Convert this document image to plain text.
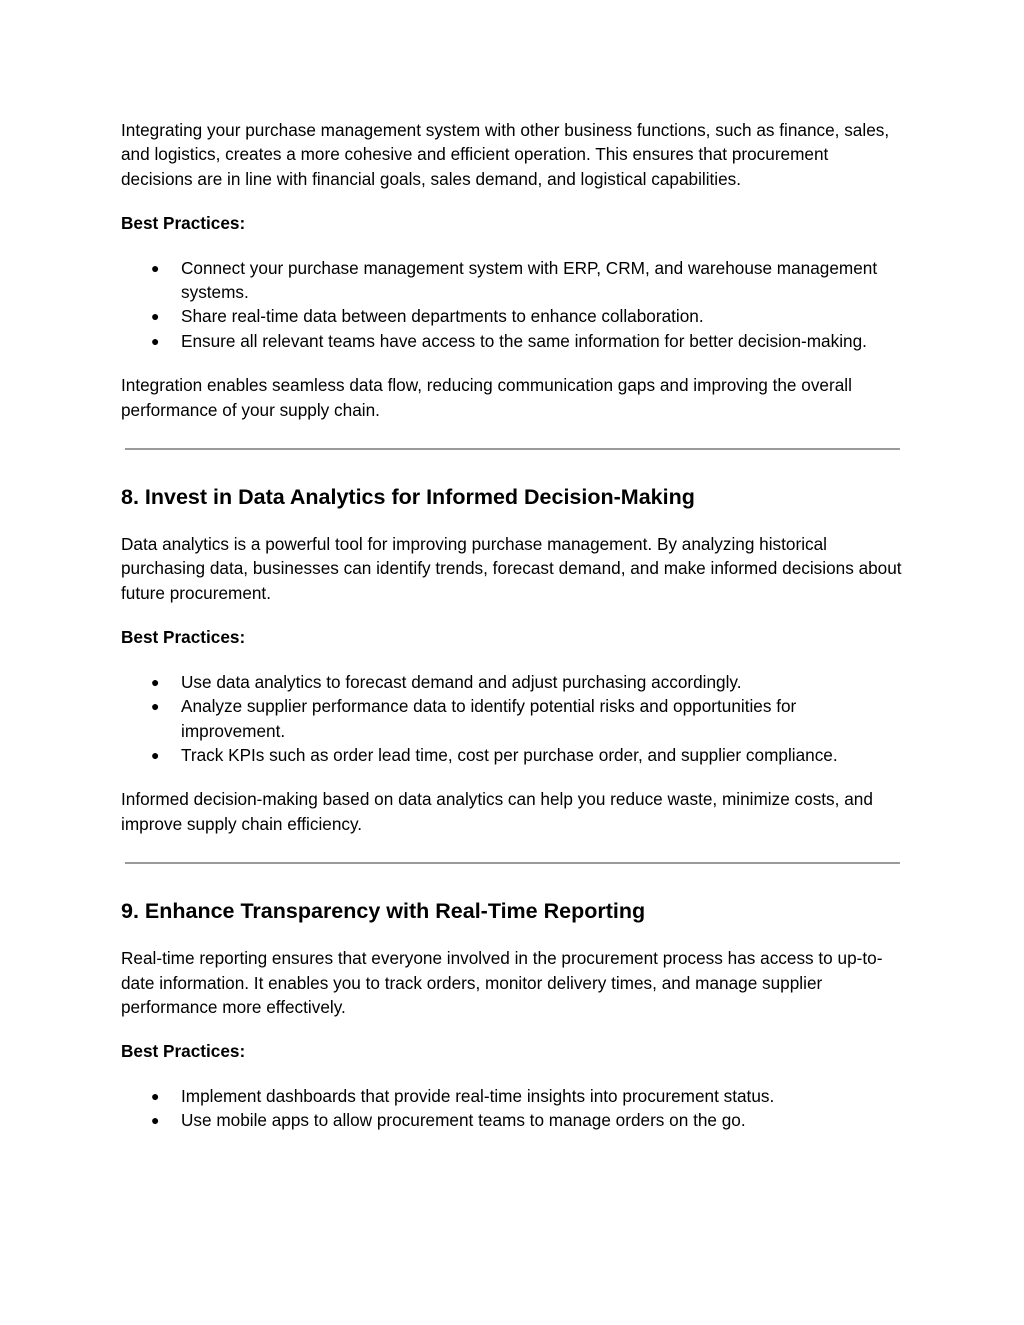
Integrating your purchase management system with other business functions, such as finance, sales, and logistics, creates a more cohesive and efficient operation. This ensures that procurement decisions are in line with financial goals, sales demand, and logistical capabilities.

Best Practices:

● Connect your purchase management system with ERP, CRM, and warehouse management systems.
● Share real-time data between departments to enhance collaboration.
● Ensure all relevant teams have access to the same information for better decision-making.

Integration enables seamless data flow, reducing communication gaps and improving the overall performance of your supply chain.

8. Invest in Data Analytics for Informed Decision-Making

Data analytics is a powerful tool for improving purchase management. By analyzing historical purchasing data, businesses can identify trends, forecast demand, and make informed decisions about future procurement.

Best Practices:

● Use data analytics to forecast demand and adjust purchasing accordingly.
● Analyze supplier performance data to identify potential risks and opportunities for improvement.
● Track KPIs such as order lead time, cost per purchase order, and supplier compliance.

Informed decision-making based on data analytics can help you reduce waste, minimize costs, and improve supply chain efficiency.

9. Enhance Transparency with Real-Time Reporting

Real-time reporting ensures that everyone involved in the procurement process has access to up-to-date information. It enables you to track orders, monitor delivery times, and manage supplier performance more effectively.

Best Practices:

● Implement dashboards that provide real-time insights into procurement status.
● Use mobile apps to allow procurement teams to manage orders on the go.
